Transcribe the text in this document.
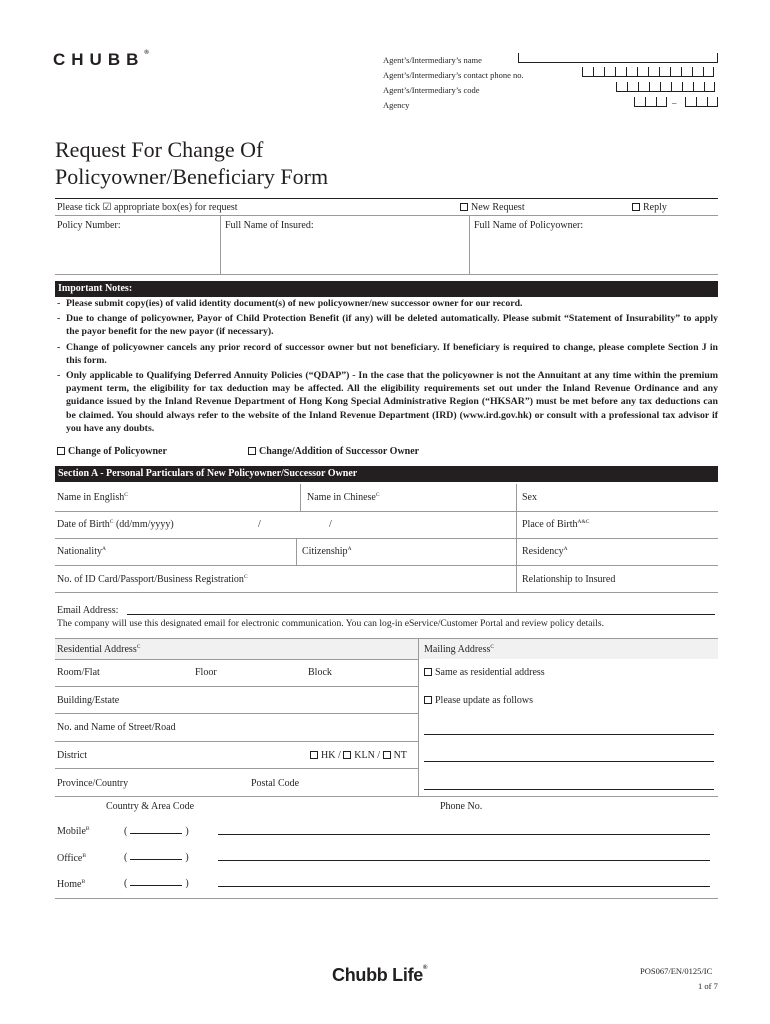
CHUBB®
Agent’s/Intermediary’s name
Agent’s/Intermediary’s contact phone no.
Agent’s/Intermediary’s code
Agency	–
Request For Change Of
Policyowner/Beneficiary Form
Please tick ☑ appropriate box(es) for request	New Request	Reply
Policy Number:	Full Name of Insured:	Full Name of Policyowner:
Important Notes:
- Please submit copy(ies) of valid identity document(s) of new policyowner/new successor owner for our record.
- Due to change of policyowner, Payor of Child Protection Benefit (if any) will be deleted automatically. Please submit “Statement of Insurability” to apply the payor benefit for the new payor (if necessary).
- Change of policyowner cancels any prior record of successor owner but not beneficiary. If beneficiary is required to change, please complete Section J in this form.
- Only applicable to Qualifying Deferred Annuity Policies (“QDAP”) - In the case that the policyowner is not the Annuitant at any time within the premium payment term, the eligibility for tax deduction may be affected. All the eligibility requirements set out under the Inland Revenue Ordinance and any guidance issued by the Inland Revenue Department of Hong Kong Special Administrative Region (“HKSAR”) must be met before any tax deductions can be claimed. You should always refer to the website of the Inland Revenue Department (IRD) (www.ird.gov.hk) or consult with a professional tax advisor if you have any doubts.
Change of Policyowner	Change/Addition of Successor Owner
Section A - Personal Particulars of New Policyowner/Successor Owner
Name in English$^C$	Name in Chinese$^C$	Sex
Date of Birth$^C$ (dd/mm/yyyy)	/	/	Place of Birth$^{A\&C}$
Nationality$^A$	Citizenship$^A$	Residency$^A$
No. of ID Card/Passport/Business Registration$^C$	Relationship to Insured
Email Address:
The company will use this designated email for electronic communication. You can log-in eService/Customer Portal and review policy details.
Residential Address$^C$	Mailing Address$^C$
Room/Flat	Floor	Block	Same as residential address
Building/Estate	Please update as follows
No. and Name of Street/Road
District	HK / KLN / NT
Province/Country	Postal Code
Country & Area Code	Phone No.
Mobile$^B$	(	)
Office$^B$	(	)
Home$^B$	(	)
Chubb Life®	POS067/EN/0125/IC
1 of 7
